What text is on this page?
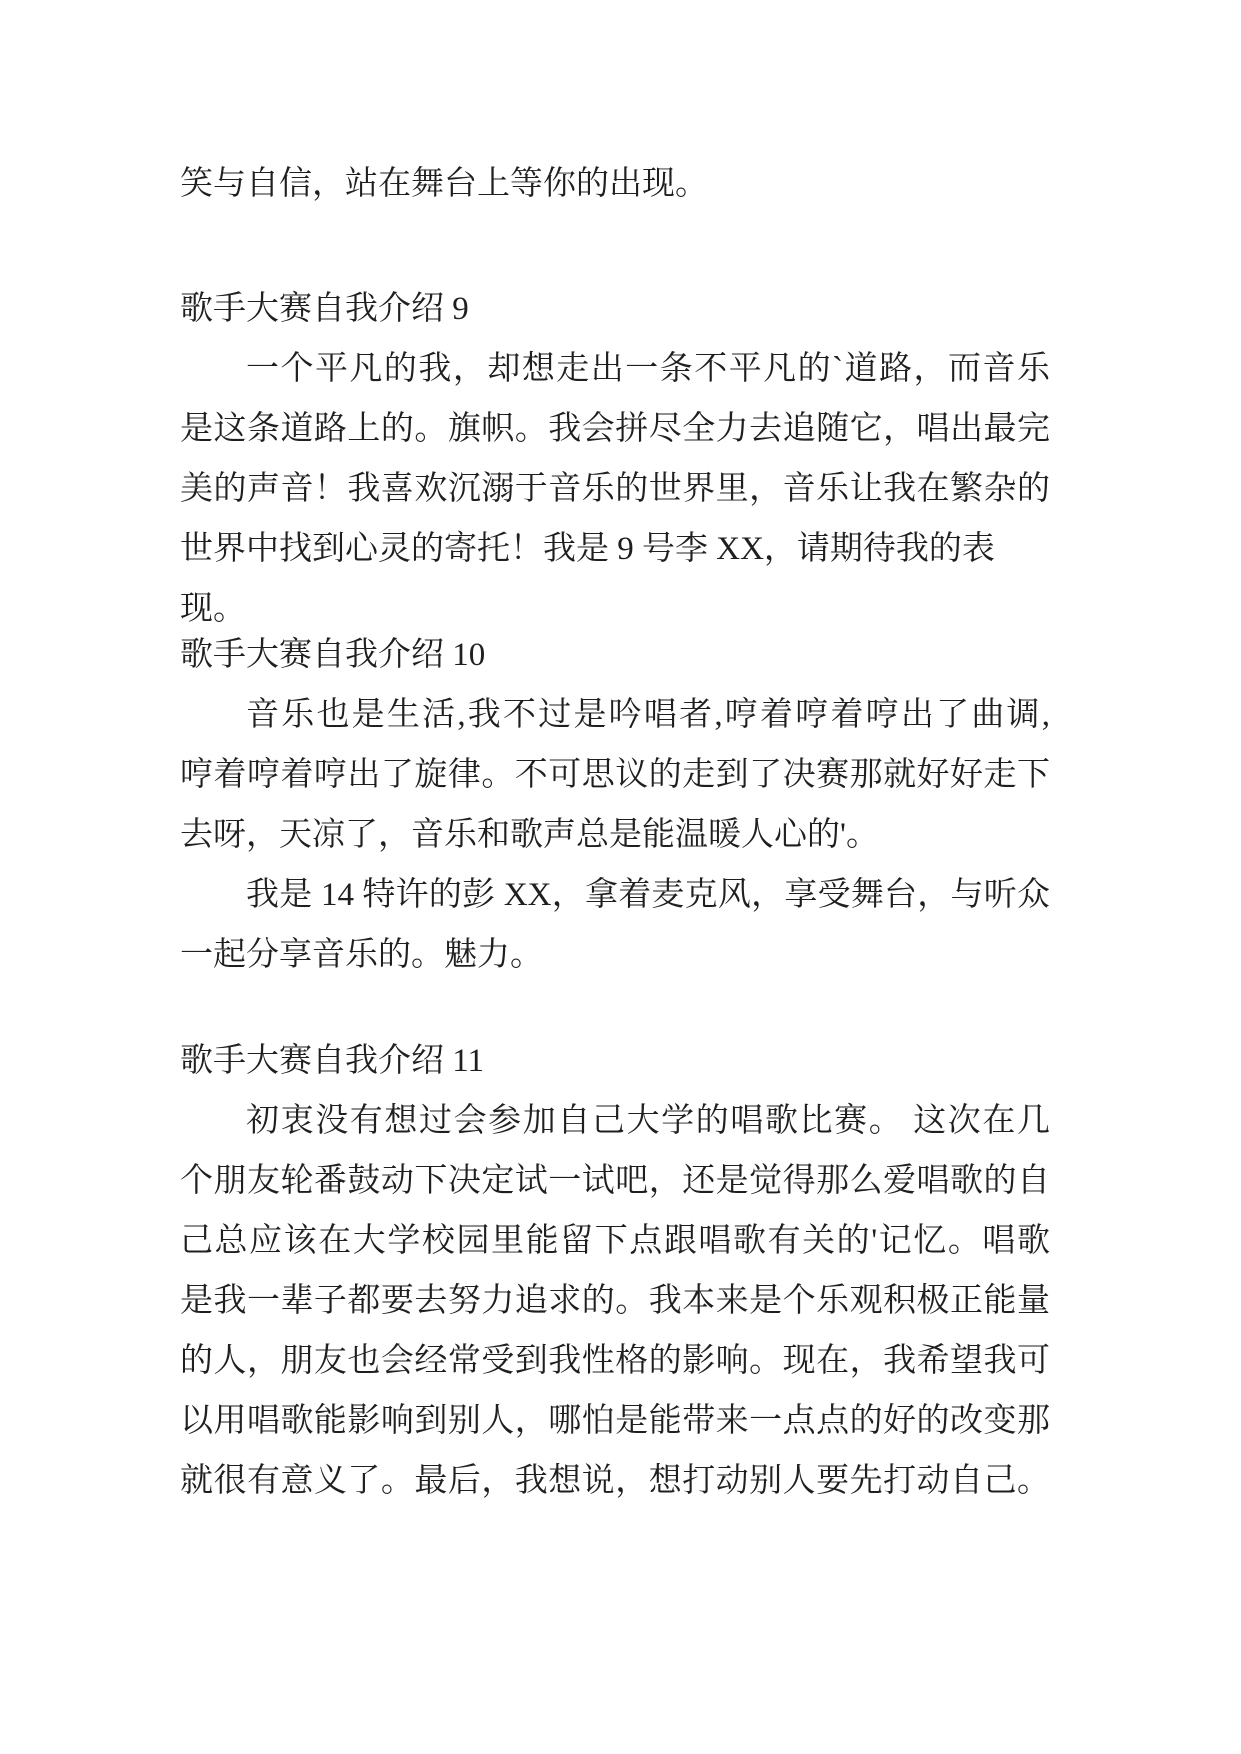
笑与自信，站在舞台上等你的出现。
歌手大赛自我介绍 9
一个平凡的我，却想走出一条不平凡的`道路，而音乐
是这条道路上的。旗帜。我会拼尽全力去追随它，唱出最完
美的声音！我喜欢沉溺于音乐的世界里，音乐让我在繁杂的
世界中找到心灵的寄托！我是 9 号李 XX，请期待我的表现。
歌手大赛自我介绍 10
音乐也是生活,我不过是吟唱者,哼着哼着哼出了曲调,
哼着哼着哼出了旋律。不可思议的走到了决赛那就好好走下
去呀，天凉了，音乐和歌声总是能温暖人心的'。
我是 14 特许的彭 XX，拿着麦克风，享受舞台，与听众
一起分享音乐的。魅力。
歌手大赛自我介绍 11
初衷没有想过会参加自己大学的唱歌比赛。 这次在几
个朋友轮番鼓动下决定试一试吧，还是觉得那么爱唱歌的自
己总应该在大学校园里能留下点跟唱歌有关的'记忆。唱歌
是我一辈子都要去努力追求的。我本来是个乐观积极正能量
的人，朋友也会经常受到我性格的影响。现在，我希望我可
以用唱歌能影响到别人，哪怕是能带来一点点的好的改变那
就很有意义了。最后，我想说，想打动别人要先打动自己。
